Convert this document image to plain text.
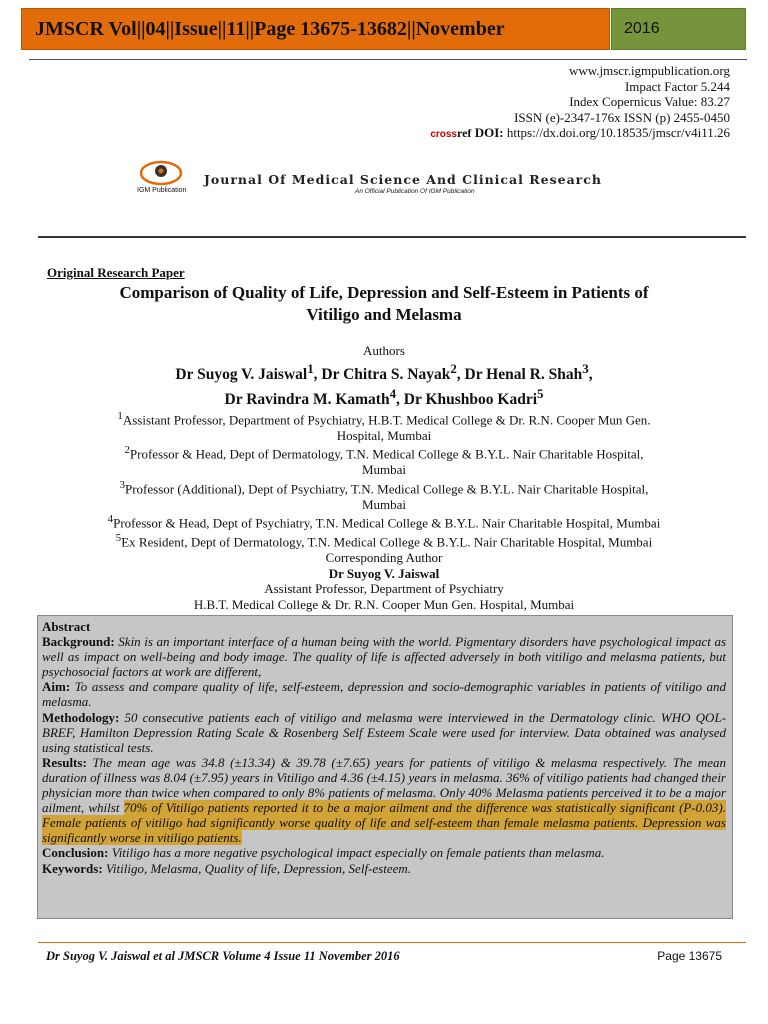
JMSCR Vol||04||Issue||11||Page 13675-13682||November	2016
www.jmscr.igmpublication.org
Impact Factor 5.244
Index Copernicus Value: 83.27
ISSN (e)-2347-176x ISSN (p) 2455-0450
crossref DOI: https://dx.doi.org/10.18535/jmscr/v4i11.26
IGM Publication
Journal Of Medical Science And Clinical Research
An Official Publication Of IGM Publication
Original Research Paper
Comparison of Quality of Life, Depression and Self-Esteem in Patients of
Vitiligo and Melasma
Authors
Dr Suyog V. Jaiswal$^1$, Dr Chitra S. Nayak$^2$, Dr Henal R. Shah$^3$,
Dr Ravindra M. Kamath$^4$, Dr Khushboo Kadri$^5$
$^1$Assistant Professor, Department of Psychiatry, H.B.T. Medical College & Dr. R.N. Cooper Mun Gen.
Hospital, Mumbai
$^2$Professor & Head, Dept of Dermatology, T.N. Medical College & B.Y.L. Nair Charitable Hospital,
Mumbai
$^3$Professor (Additional), Dept of Psychiatry, T.N. Medical College & B.Y.L. Nair Charitable Hospital,
Mumbai
$^4$Professor & Head, Dept of Psychiatry, T.N. Medical College & B.Y.L. Nair Charitable Hospital, Mumbai
$^5$Ex Resident, Dept of Dermatology, T.N. Medical College & B.Y.L. Nair Charitable Hospital, Mumbai
Corresponding Author
Dr Suyog V. Jaiswal
Assistant Professor, Department of Psychiatry
H.B.T. Medical College & Dr. R.N. Cooper Mun Gen. Hospital, Mumbai

Abstract

Background: Skin is an important interface of a human being with the world. Pigmentary disorders have psychological impact as well as impact on well-being and body image. The quality of life is affected adversely in both vitiligo and melasma patients, but psychosocial factors at work are different,

Aim: To assess and compare quality of life, self-esteem, depression and socio-demographic variables in patients of vitiligo and melasma.

Methodology: 50 consecutive patients each of vitiligo and melasma were interviewed in the Dermatology clinic. WHO QOL-BREF, Hamilton Depression Rating Scale & Rosenberg Self Esteem Scale were used for interview. Data obtained was analysed using statistical tests.

Results: The mean age was 34.8 (±13.34) & 39.78 (±7.65) years for patients of vitiligo & melasma respectively. The mean duration of illness was 8.04 (±7.95) years in Vitiligo and 4.36 (±4.15) years in melasma. 36% of vitiligo patients had changed their physician more than twice when compared to only 8% patients of melasma. Only 40% Melasma patients perceived it to be a major ailment, whilst 70% of Vitiligo patients reported it to be a major ailment and the difference was statistically significant (P-0.03). Female patients of vitiligo had significantly worse quality of life and self-esteem than female melasma patients. Depression was significantly worse in vitiligo patients.

Conclusion: Vitiligo has a more negative psychological impact especially on female patients than melasma.

Keywords: Vitiligo, Melasma, Quality of life, Depression, Self-esteem.

Dr Suyog V. Jaiswal et al JMSCR Volume 4 Issue 11 November 2016	Page 13675
